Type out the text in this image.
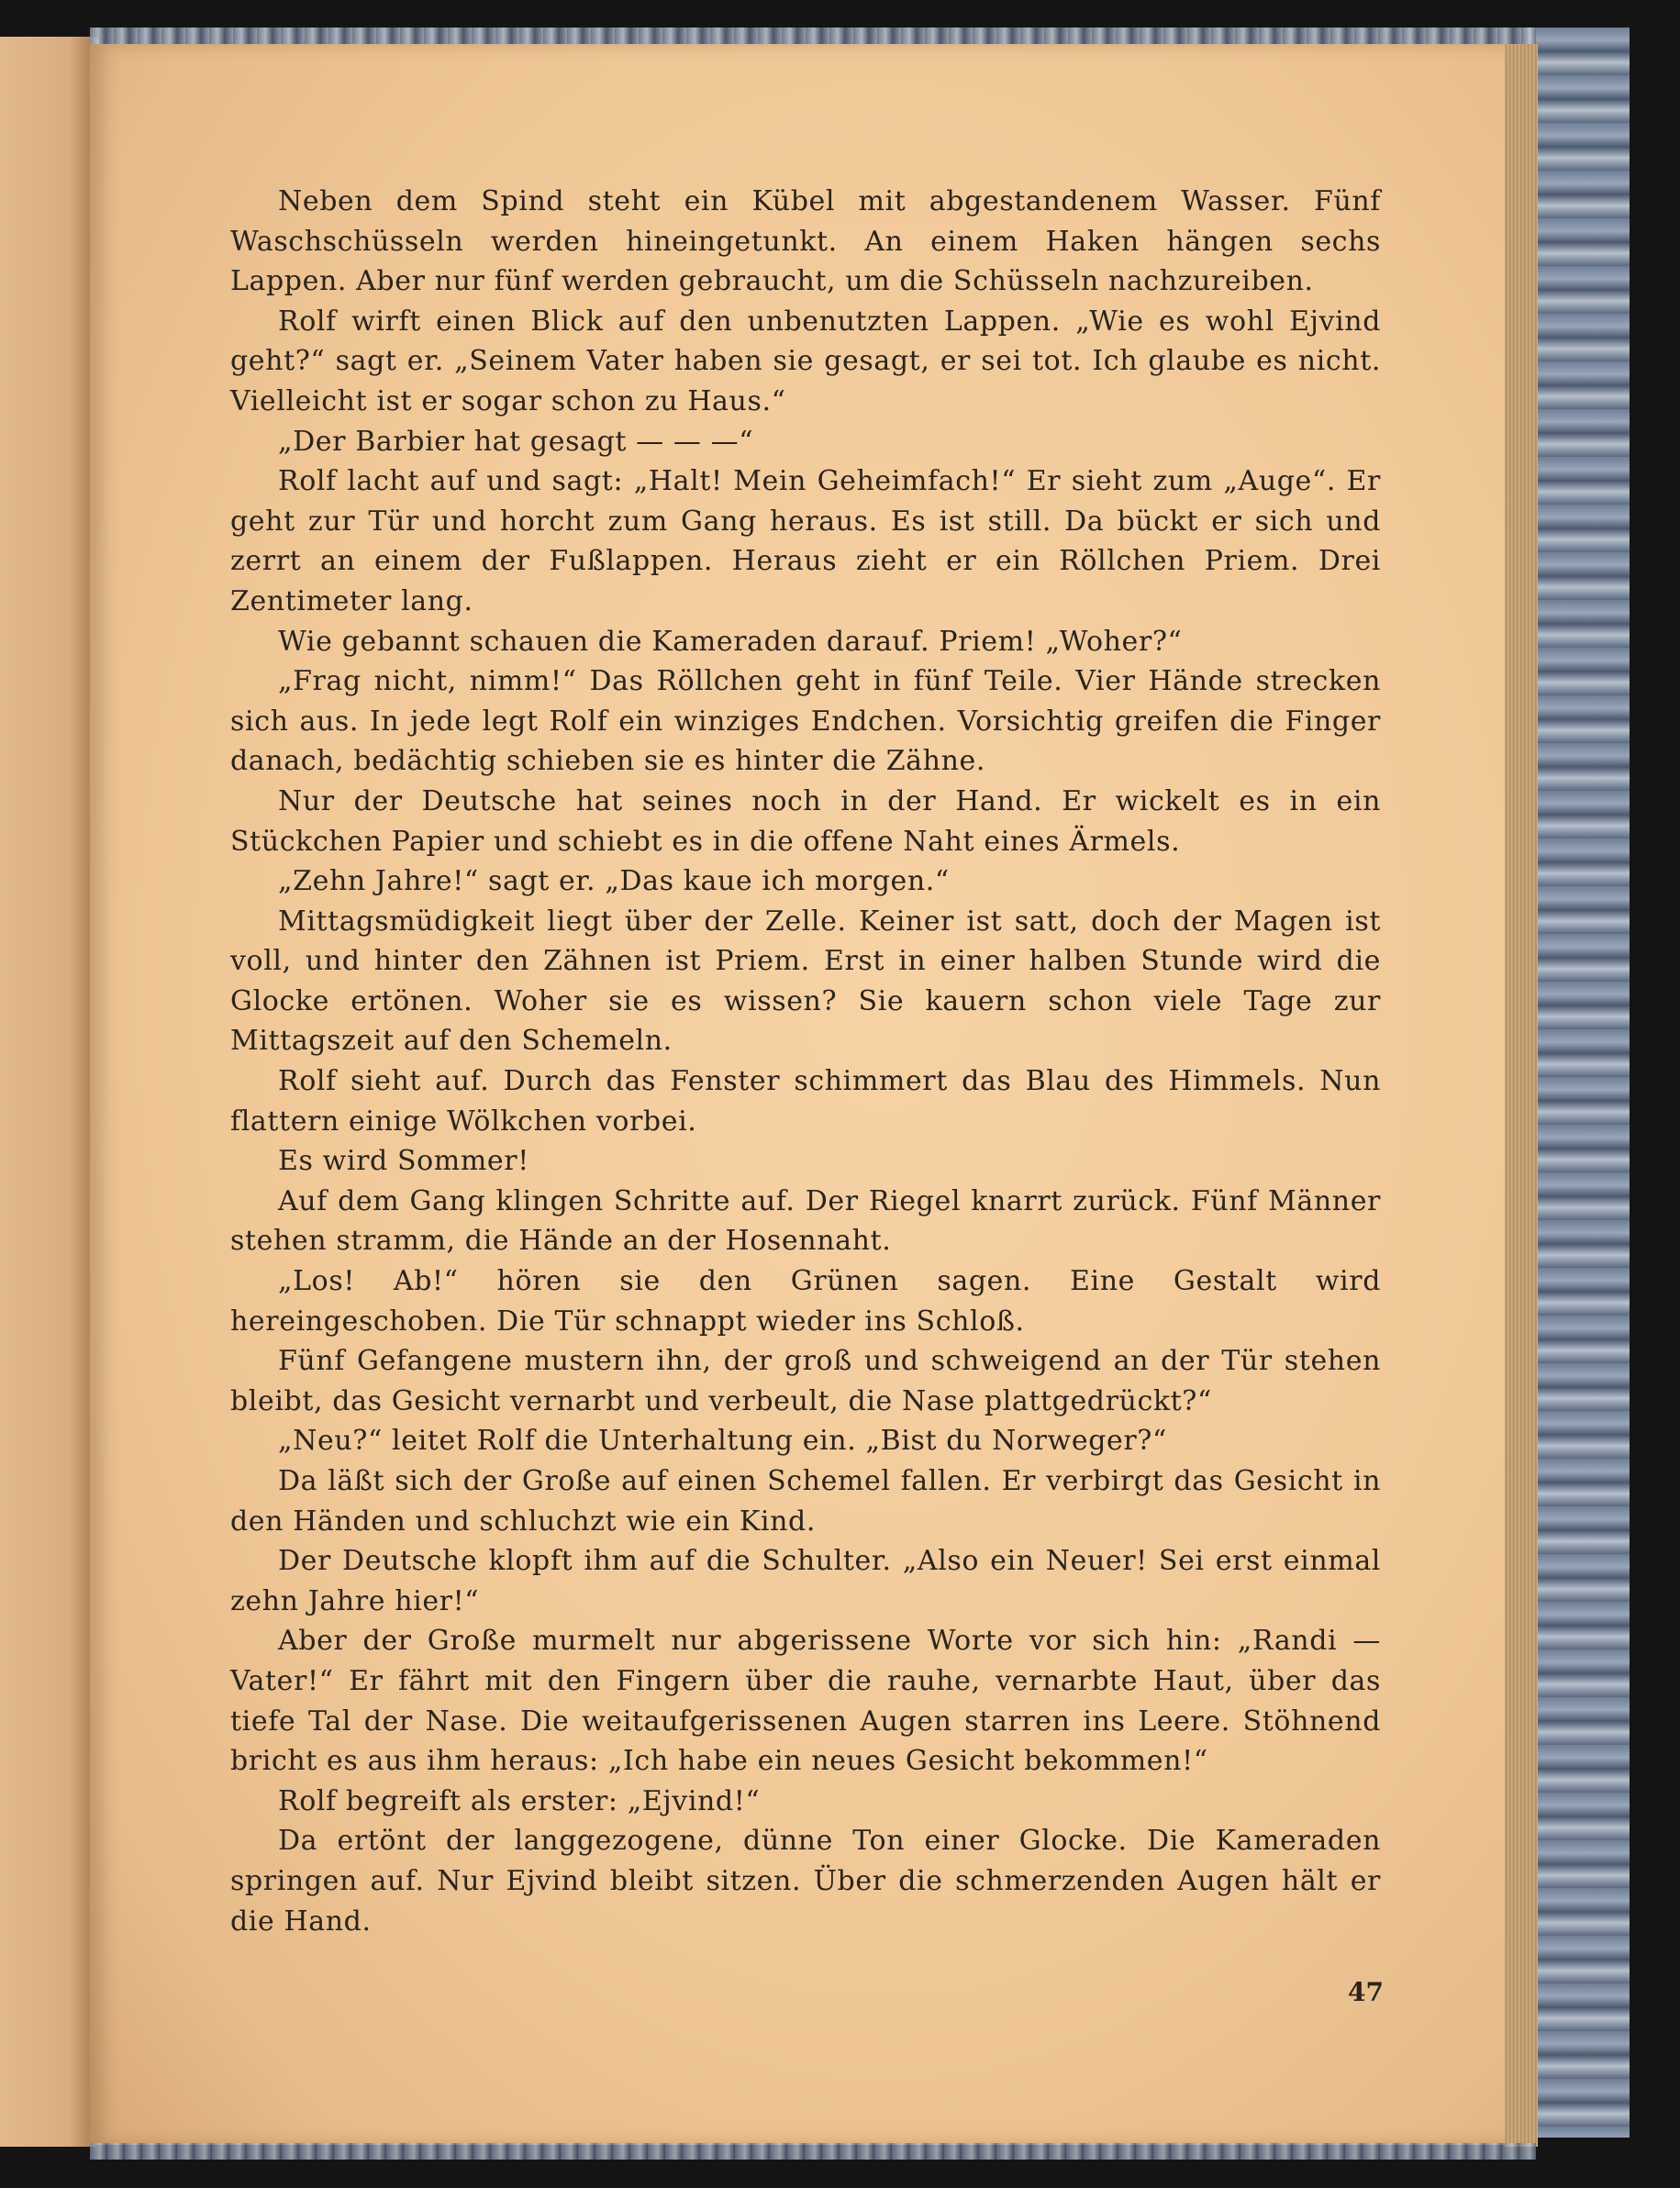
Neben dem Spind steht ein Kübel mit abgestandenem Wasser. Fünf Waschschüsseln werden hineingetunkt. An einem Haken hängen sechs Lappen. Aber nur fünf werden gebraucht, um die Schüsseln nachzureiben.

Rolf wirft einen Blick auf den unbenutzten Lappen. „Wie es wohl Ejvind geht?“ sagt er. „Seinem Vater haben sie gesagt, er sei tot. Ich glaube es nicht. Vielleicht ist er sogar schon zu Haus.“

„Der Barbier hat gesagt — — —“

Rolf lacht auf und sagt: „Halt! Mein Geheimfach!“ Er sieht zum „Auge“. Er geht zur Tür und horcht zum Gang heraus. Es ist still. Da bückt er sich und zerrt an einem der Fußlappen. Heraus zieht er ein Röllchen Priem. Drei Zentimeter lang.

Wie gebannt schauen die Kameraden darauf. Priem! „Woher?“

„Frag nicht, nimm!“ Das Röllchen geht in fünf Teile. Vier Hände strecken sich aus. In jede legt Rolf ein winziges Endchen. Vorsichtig greifen die Finger danach, bedächtig schieben sie es hinter die Zähne.

Nur der Deutsche hat seines noch in der Hand. Er wickelt es in ein Stückchen Papier und schiebt es in die offene Naht eines Ärmels.

„Zehn Jahre!“ sagt er. „Das kaue ich morgen.“

Mittagsmüdigkeit liegt über der Zelle. Keiner ist satt, doch der Magen ist voll, und hinter den Zähnen ist Priem. Erst in einer halben Stunde wird die Glocke ertönen. Woher sie es wissen? Sie kauern schon viele Tage zur Mittagszeit auf den Schemeln.

Rolf sieht auf. Durch das Fenster schimmert das Blau des Himmels. Nun flattern einige Wölkchen vorbei.

Es wird Sommer!

Auf dem Gang klingen Schritte auf. Der Riegel knarrt zurück. Fünf Männer stehen stramm, die Hände an der Hosennaht.

„Los! Ab!“ hören sie den Grünen sagen. Eine Gestalt wird hereingeschoben. Die Tür schnappt wieder ins Schloß.

Fünf Gefangene mustern ihn, der groß und schweigend an der Tür stehen bleibt, das Gesicht vernarbt und verbeult, die Nase plattgedrückt?“

„Neu?“ leitet Rolf die Unterhaltung ein. „Bist du Norweger?“

Da läßt sich der Große auf einen Schemel fallen. Er verbirgt das Gesicht in den Händen und schluchzt wie ein Kind.

Der Deutsche klopft ihm auf die Schulter. „Also ein Neuer! Sei erst einmal zehn Jahre hier!“

Aber der Große murmelt nur abgerissene Worte vor sich hin: „Randi — Vater!“ Er fährt mit den Fingern über die rauhe, vernarbte Haut, über das tiefe Tal der Nase. Die weitaufgerissenen Augen starren ins Leere. Stöhnend bricht es aus ihm heraus: „Ich habe ein neues Gesicht bekommen!“

Rolf begreift als erster: „Ejvind!“

Da ertönt der langgezogene, dünne Ton einer Glocke. Die Kameraden springen auf. Nur Ejvind bleibt sitzen. Über die schmerzenden Augen hält er die Hand.

47
